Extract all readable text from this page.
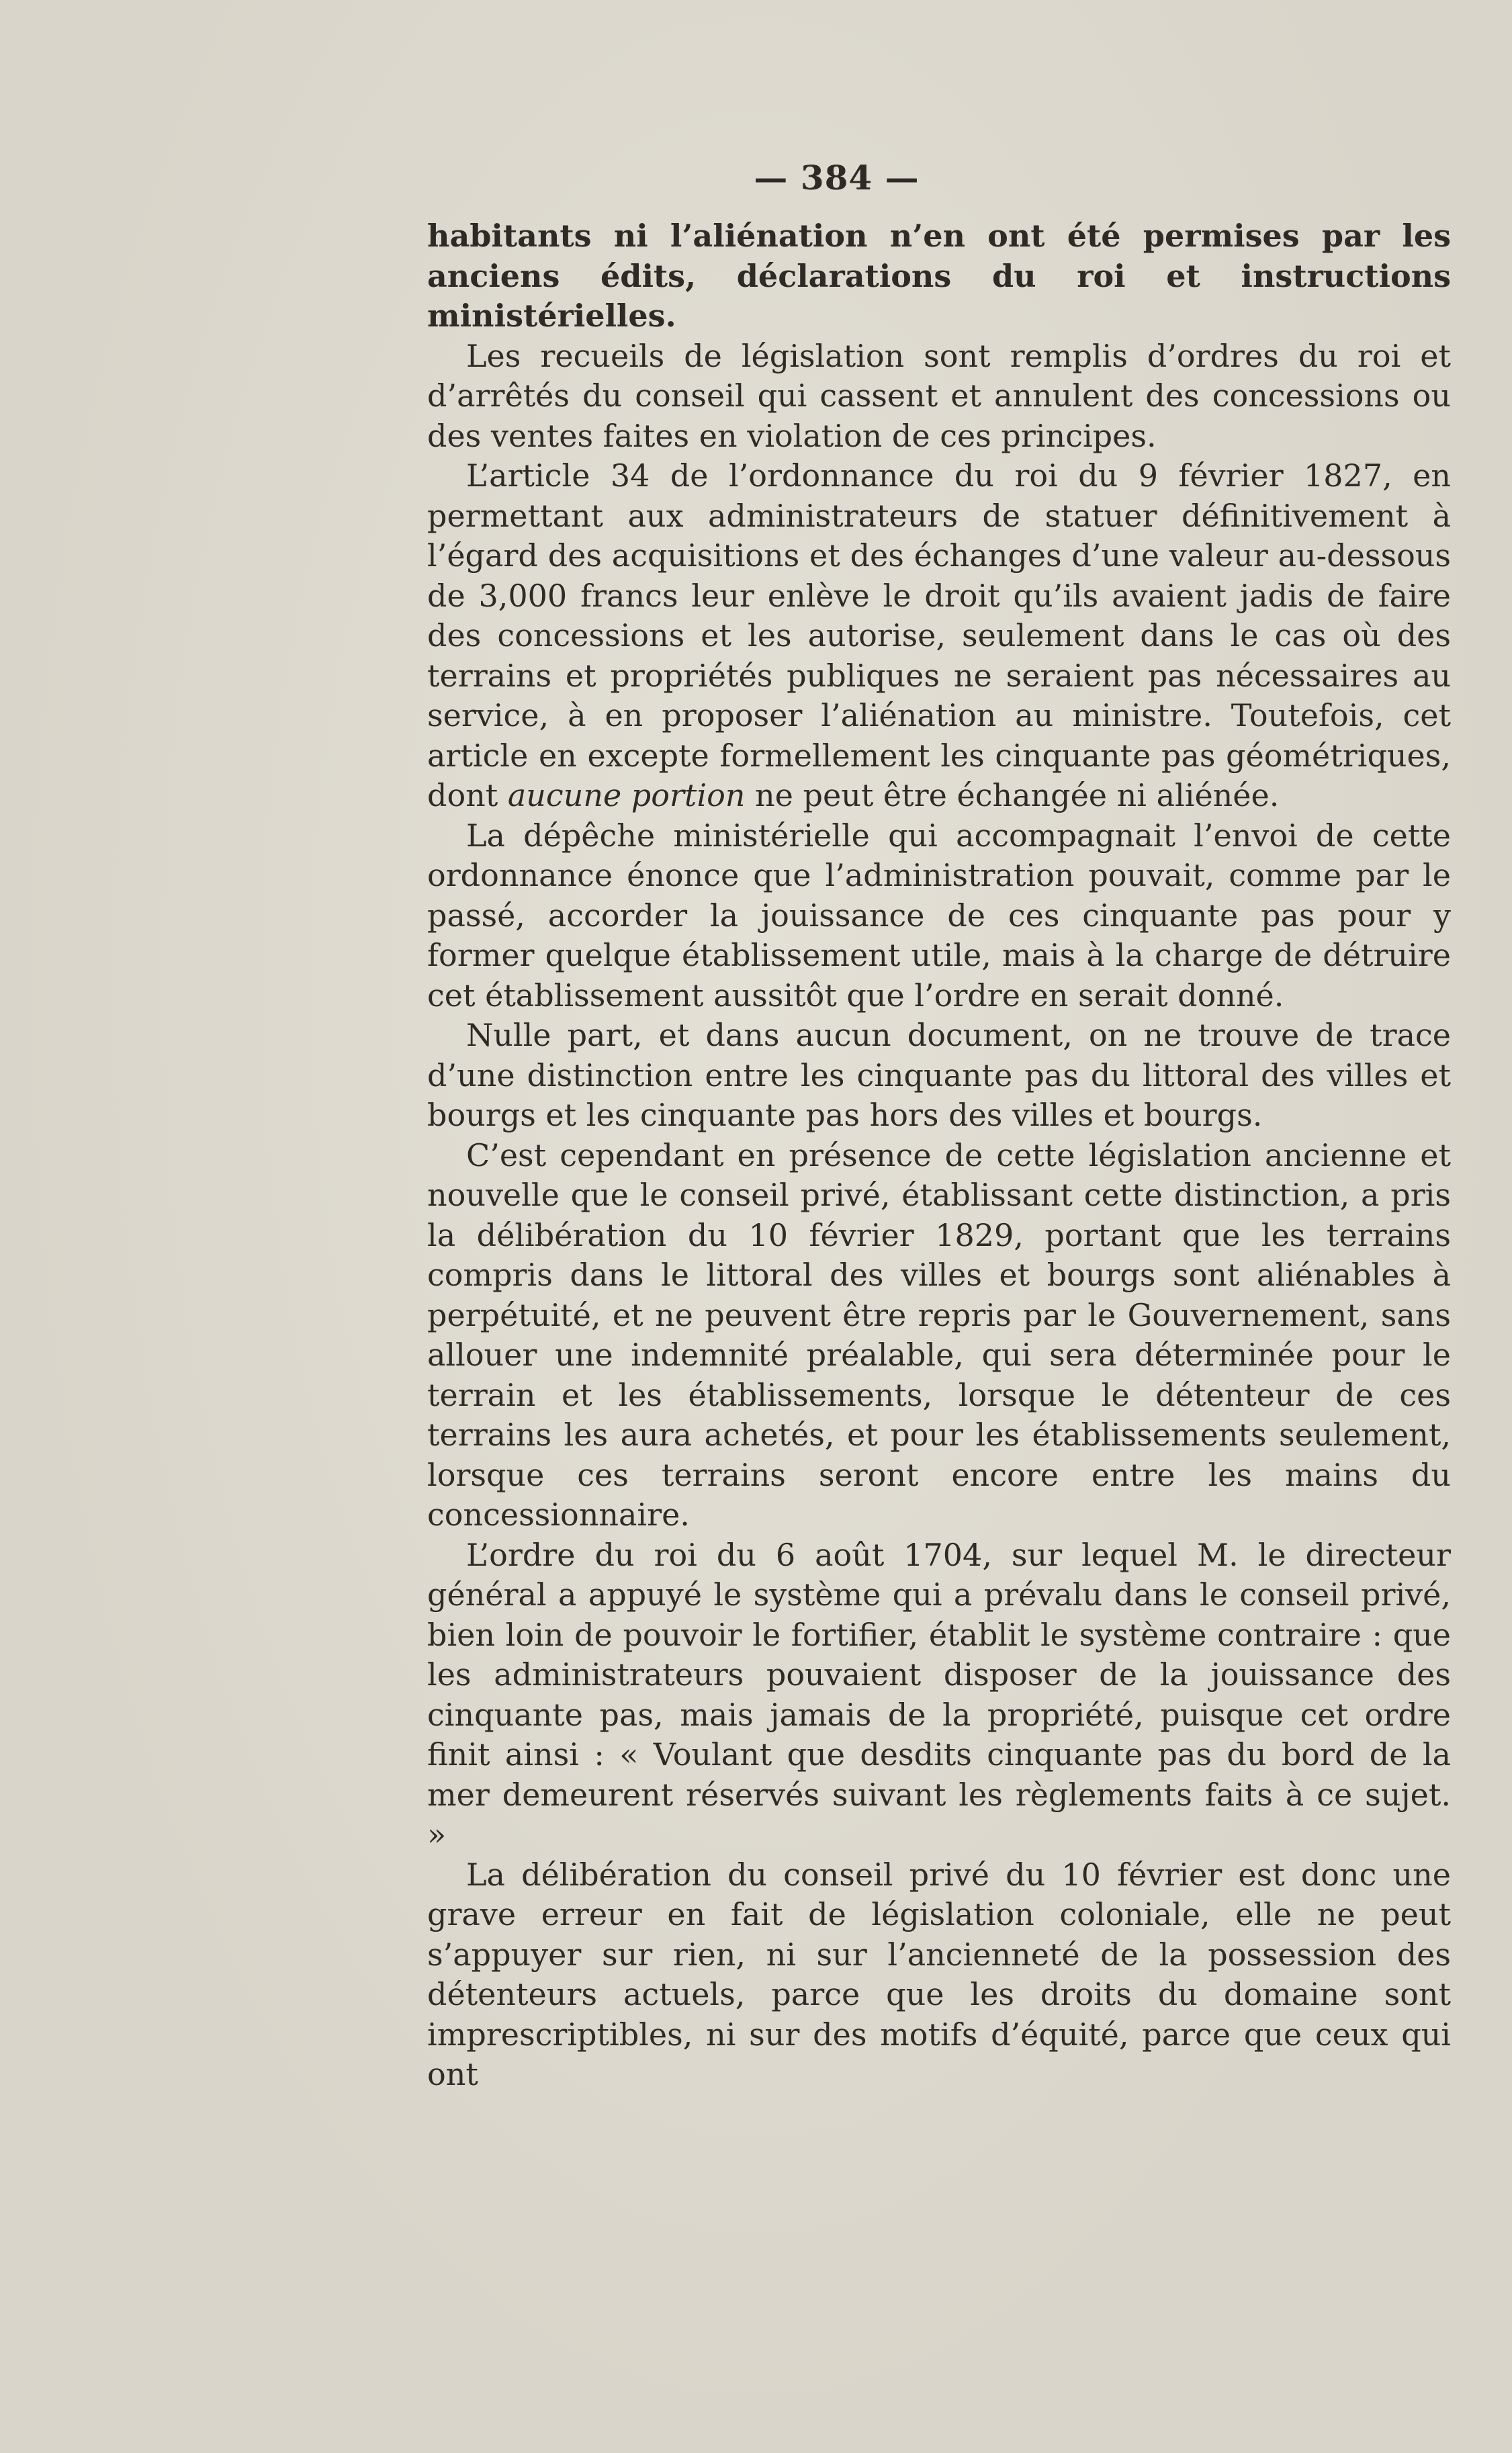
— 384 —

habitants ni l’aliénation n’en ont été permises par les anciens édits, déclarations du roi et instructions ministérielles.

Les recueils de législation sont remplis d’ordres du roi et d’arrêtés du conseil qui cassent et annulent des concessions ou des ventes faites en violation de ces principes.

L’article 34 de l’ordonnance du roi du 9 février 1827, en permettant aux administrateurs de statuer définitivement à l’égard des acquisitions et des échanges d’une valeur au-dessous de 3,000 francs leur enlève le droit qu’ils avaient jadis de faire des concessions et les autorise, seulement dans le cas où des terrains et propriétés publiques ne seraient pas nécessaires au service, à en proposer l’aliénation au ministre. Toutefois, cet article en excepte formellement les cinquante pas géométriques, dont aucune portion ne peut être échangée ni aliénée.

La dépêche ministérielle qui accompagnait l’envoi de cette ordonnance énonce que l’administration pouvait, comme par le passé, accorder la jouissance de ces cinquante pas pour y former quelque établissement utile, mais à la charge de détruire cet établissement aussitôt que l’ordre en serait donné.

Nulle part, et dans aucun document, on ne trouve de trace d’une distinction entre les cinquante pas du littoral des villes et bourgs et les cinquante pas hors des villes et bourgs.

C’est cependant en présence de cette législation ancienne et nouvelle que le conseil privé, établissant cette distinction, a pris la délibération du 10 février 1829, portant que les terrains compris dans le littoral des villes et bourgs sont aliénables à perpétuité, et ne peuvent être repris par le Gouvernement, sans allouer une indemnité préalable, qui sera déterminée pour le terrain et les établissements, lorsque le détenteur de ces terrains les aura achetés, et pour les établissements seulement, lorsque ces terrains seront encore entre les mains du concessionnaire.

L’ordre du roi du 6 août 1704, sur lequel M. le directeur général a appuyé le système qui a prévalu dans le conseil privé, bien loin de pouvoir le fortifier, établit le système contraire : que les administrateurs pouvaient disposer de la jouissance des cinquante pas, mais jamais de la propriété, puisque cet ordre finit ainsi : « Voulant que desdits cinquante pas du bord de la mer demeurent réservés suivant les règlements faits à ce sujet. »

La délibération du conseil privé du 10 février est donc une grave erreur en fait de législation coloniale, elle ne peut s’appuyer sur rien, ni sur l’ancienneté de la possession des détenteurs actuels, parce que les droits du domaine sont imprescriptibles, ni sur des motifs d’équité, parce que ceux qui ont
